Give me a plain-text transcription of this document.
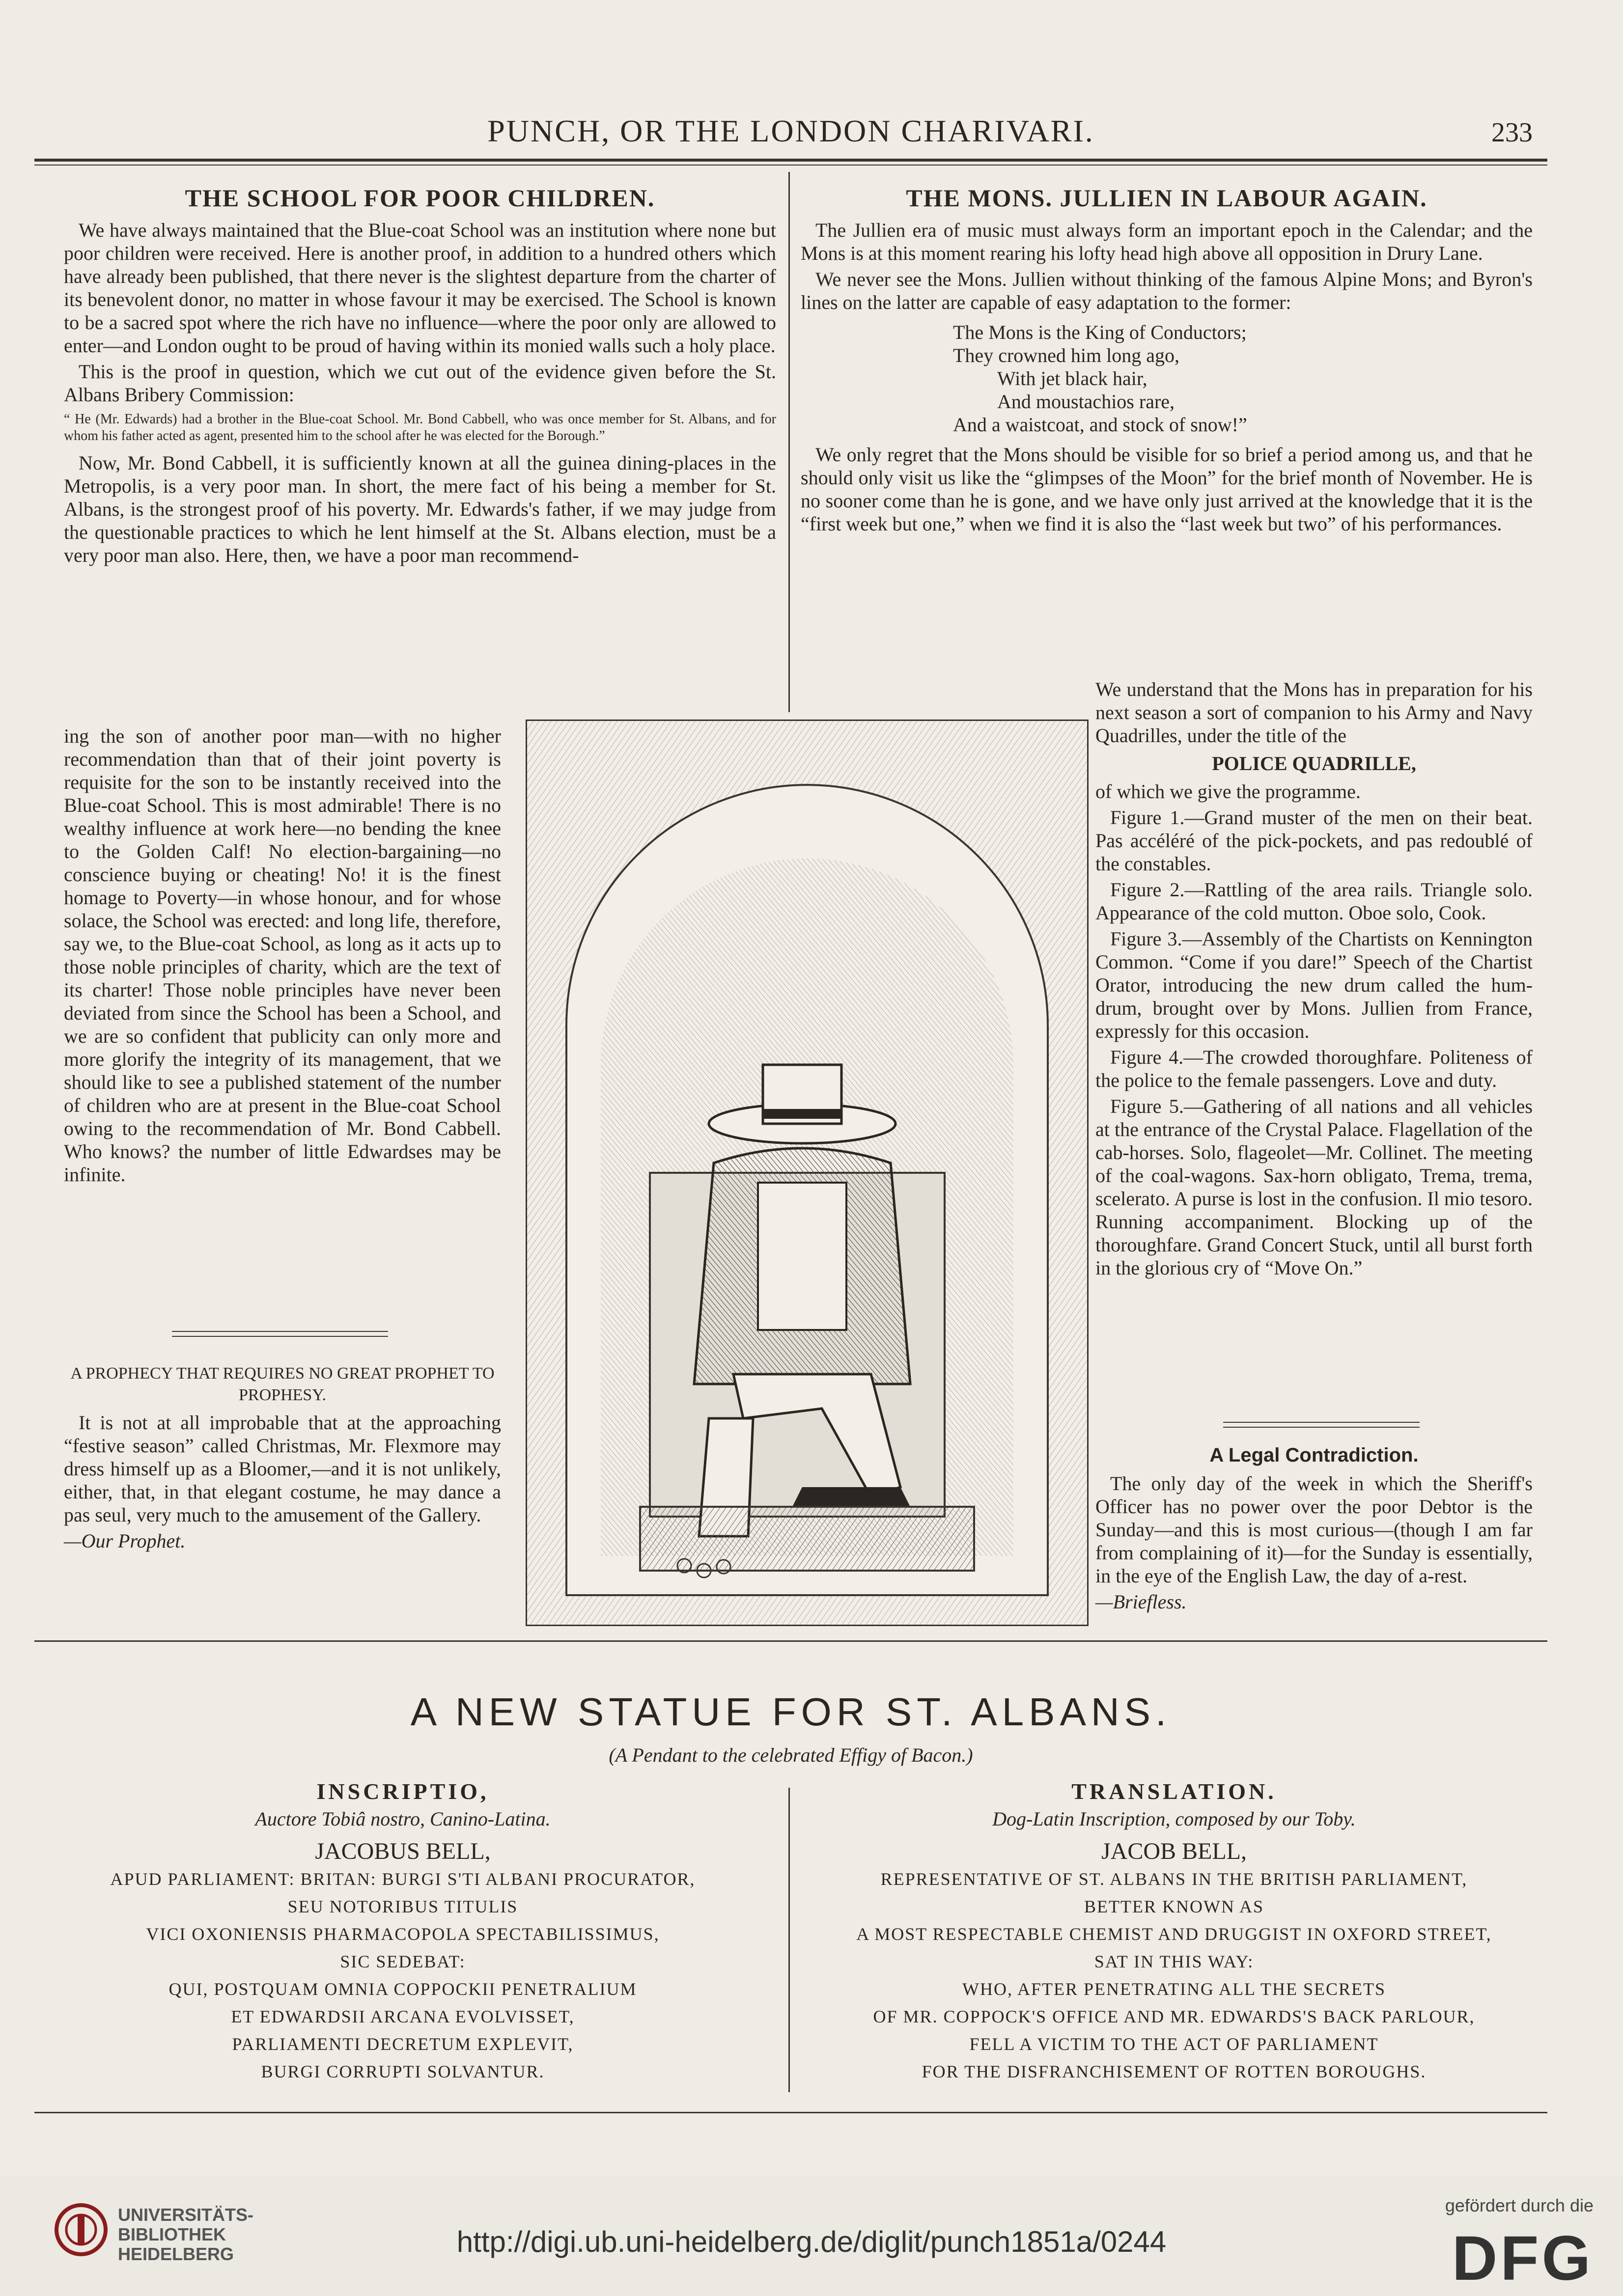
PUNCH, OR THE LONDON CHARIVARI.	233
THE SCHOOL FOR POOR CHILDREN.

We have always maintained that the Blue-coat School was an institution where none but poor children were received. Here is another proof, in addition to a hundred others which have already been published, that there never is the slightest departure from the charter of its benevolent donor, no matter in whose favour it may be exercised. The School is known to be a sacred spot where the rich have no influence—where the poor only are allowed to enter—and London ought to be proud of having within its monied walls such a holy place.

This is the proof in question, which we cut out of the evidence given before the St. Albans Bribery Commission:

“ He (Mr. Edwards) had a brother in the Blue-coat School. Mr. Bond Cabbell, who was once member for St. Albans, and for whom his father acted as agent, presented him to the school after he was elected for the Borough.”

Now, Mr. Bond Cabbell, it is sufficiently known at all the guinea dining-places in the Metropolis, is a very poor man. In short, the mere fact of his being a member for St. Albans, is the strongest proof of his poverty. Mr. Edwards's father, if we may judge from the questionable practices to which he lent himself at the St. Albans election, must be a very poor man also. Here, then, we have a poor man recommend-

ing the son of another poor man—with no higher recommendation than that of their joint poverty is requisite for the son to be instantly received into the Blue-coat School. This is most admirable! There is no wealthy influence at work here—no bending the knee to the Golden Calf! No election-bargaining—no conscience buying or cheating! No! it is the finest homage to Poverty—in whose honour, and for whose solace, the School was erected: and long life, therefore, say we, to the Blue-coat School, as long as it acts up to those noble principles of charity, which are the text of its charter! Those noble principles have never been deviated from since the School has been a School, and we are so confident that publicity can only more and more glorify the integrity of its management, that we should like to see a published statement of the number of children who are at present in the Blue-coat School owing to the recommendation of Mr. Bond Cabbell. Who knows? the number of little Edwardses may be infinite.

A PROPHECY THAT REQUIRES NO GREAT PROPHET TO PROPHESY.

It is not at all improbable that at the approaching “festive season” called Christmas, Mr. Flexmore may dress himself up as a Bloomer,—and it is not unlikely, either, that, in that elegant costume, he may dance a pas seul, very much to the amusement of the Gallery.

—Our Prophet.
THE MONS. JULLIEN IN LABOUR AGAIN.

The Jullien era of music must always form an important epoch in the Calendar; and the Mons is at this moment rearing his lofty head high above all opposition in Drury Lane.

We never see the Mons. Jullien without thinking of the famous Alpine Mons; and Byron's lines on the latter are capable of easy adaptation to the former:

The Mons is the King of Conductors;
They crowned him long ago,
With jet black hair,
And moustachios rare,
And a waistcoat, and stock of snow!”

We only regret that the Mons should be visible for so brief a period among us, and that he should only visit us like the “glimpses of the Moon” for the brief month of November. He is no sooner come than he is gone, and we have only just arrived at the knowledge that it is the “first week but one,” when we find it is also the “last week but two” of his performances.

We understand that the Mons has in preparation for his next season a sort of companion to his Army and Navy Quadrilles, under the title of the

POLICE QUADRILLE,

of which we give the programme.

Figure 1.—Grand muster of the men on their beat. Pas accéléré of the pick-pockets, and pas redoublé of the constables.

Figure 2.—Rattling of the area rails. Triangle solo. Appearance of the cold mutton. Oboe solo, Cook.

Figure 3.—Assembly of the Chartists on Kennington Common. “Come if you dare!” Speech of the Chartist Orator, introducing the new drum called the hum-drum, brought over by Mons. Jullien from France, expressly for this occasion.

Figure 4.—The crowded thoroughfare. Politeness of the police to the female passengers. Love and duty.

Figure 5.—Gathering of all nations and all vehicles at the entrance of the Crystal Palace. Flagellation of the cab-horses. Solo, flageolet—Mr. Collinet. The meeting of the coal-wagons. Sax-horn obligato, Trema, trema, scelerato. A purse is lost in the confusion. Il mio tesoro. Running accompaniment. Blocking up of the thoroughfare. Grand Concert Stuck, until all burst forth in the glorious cry of “Move On.”

A Legal Contradiction.

The only day of the week in which the Sheriff's Officer has no power over the poor Debtor is the Sunday—and this is most curious—(though I am far from complaining of it)—for the Sunday is essentially, in the eye of the English Law, the day of a-rest.

—Briefless.
A NEW STATUE FOR ST. ALBANS.
(A Pendant to the celebrated Effigy of Bacon.)
INSCRIPTIO,
Auctore Tobiâ nostro, Canino-Latina.
JACOBUS BELL,
APUD PARLIAMENT: BRITAN: BURGI S'TI ALBANI PROCURATOR,
SEU NOTORIBUS TITULIS
VICI OXONIENSIS PHARMACOPOLA SPECTABILISSIMUS,
SIC SEDEBAT:
QUI, POSTQUAM OMNIA COPPOCKII PENETRALIUM
ET EDWARDSII ARCANA EVOLVISSET,
PARLIAMENTI DECRETUM EXPLEVIT,
BURGI CORRUPTI SOLVANTUR.
TRANSLATION.
Dog-Latin Inscription, composed by our Toby.
JACOB BELL,
REPRESENTATIVE OF ST. ALBANS IN THE BRITISH PARLIAMENT,
BETTER KNOWN AS
A MOST RESPECTABLE CHEMIST AND DRUGGIST IN OXFORD STREET,
SAT IN THIS WAY:
WHO, AFTER PENETRATING ALL THE SECRETS
OF MR. COPPOCK'S OFFICE AND MR. EDWARDS'S BACK PARLOUR,
FELL A VICTIM TO THE ACT OF PARLIAMENT
FOR THE DISFRANCHISEMENT OF ROTTEN BOROUGHS.
UNIVERSITÄTS-
BIBLIOTHEK
HEIDELBERG	http://digi.ub.uni-heidelberg.de/diglit/punch1851a/0244
gefördert durch die
DFG
